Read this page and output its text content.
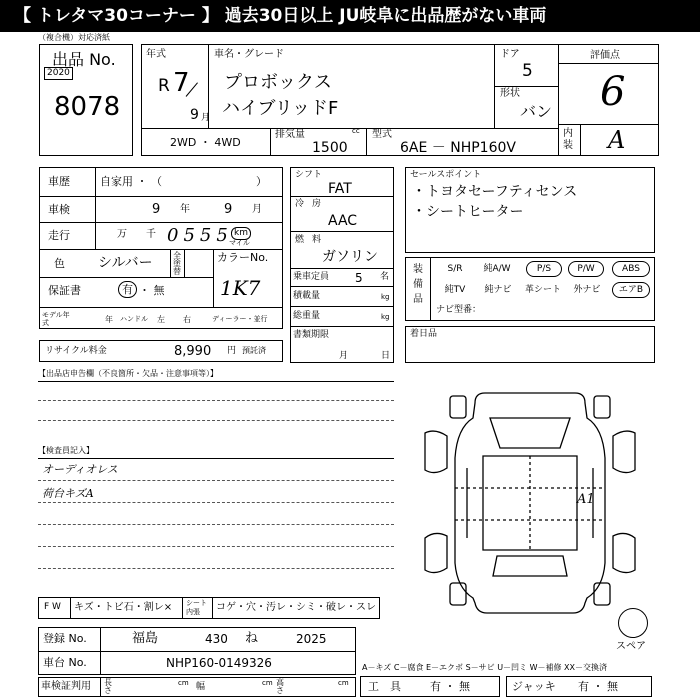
【 トレタマ30コーナー 】 過去30日以上 JU岐阜に出品歴がない車両
（複合機）対応済紙
出品 No.
2020
8078
年式
R 7
9 月
車名・グレード
プロボックス
ハイブリッドF
ドア
5
形状
バン
評価点
6
内装 A
2WD ・ 4WD
排気量	cc
1500
型式
6AE － NHP160V
車歴	自家用 ・ （	）
車検	9 年	9 月
走行	万 千 0555 km
マイル
色 シルバー	全塗替
カラーNo.
1K7
保証書	有 ・ 無
モデル年式	年 ハンドル 左 右	ディーラー・並行
リサイクル料金	8,990 円 預託済
シフト
FAT
冷房
AAC
燃料
ガソリン
乗車定員 5 名
積載量	kg
総重量	kg
書類期限
月	日
セールスポイント
・トヨタセーフティセンス
・シートヒーター
装備品
S/R	純A/W	P/S	P/W	ABS
純TV	純ナビ	革シート	外ナビ	エアB
ナビ型番：
着日品
【出品店申告欄（不良箇所・欠品・注意事項等）】
【検査員記入】
オーディオレス
荷台キズA	A1
スペア
F W キズ・トビ石・割レ× シート内張	コゲ・穴・汚レ・シミ・破レ・スレ
登録 No.	福島	430 ね	2025
車台 No.	NHP160-0149326
車検証判用 長さ
cm 幅	cm 高さ
cm
A－キズ C－腐食 E－エクボ S－サビ U－凹ミ W－補修 XX－交換済
工　具	有 ・ 無	ジャッキ 有 ・ 無
